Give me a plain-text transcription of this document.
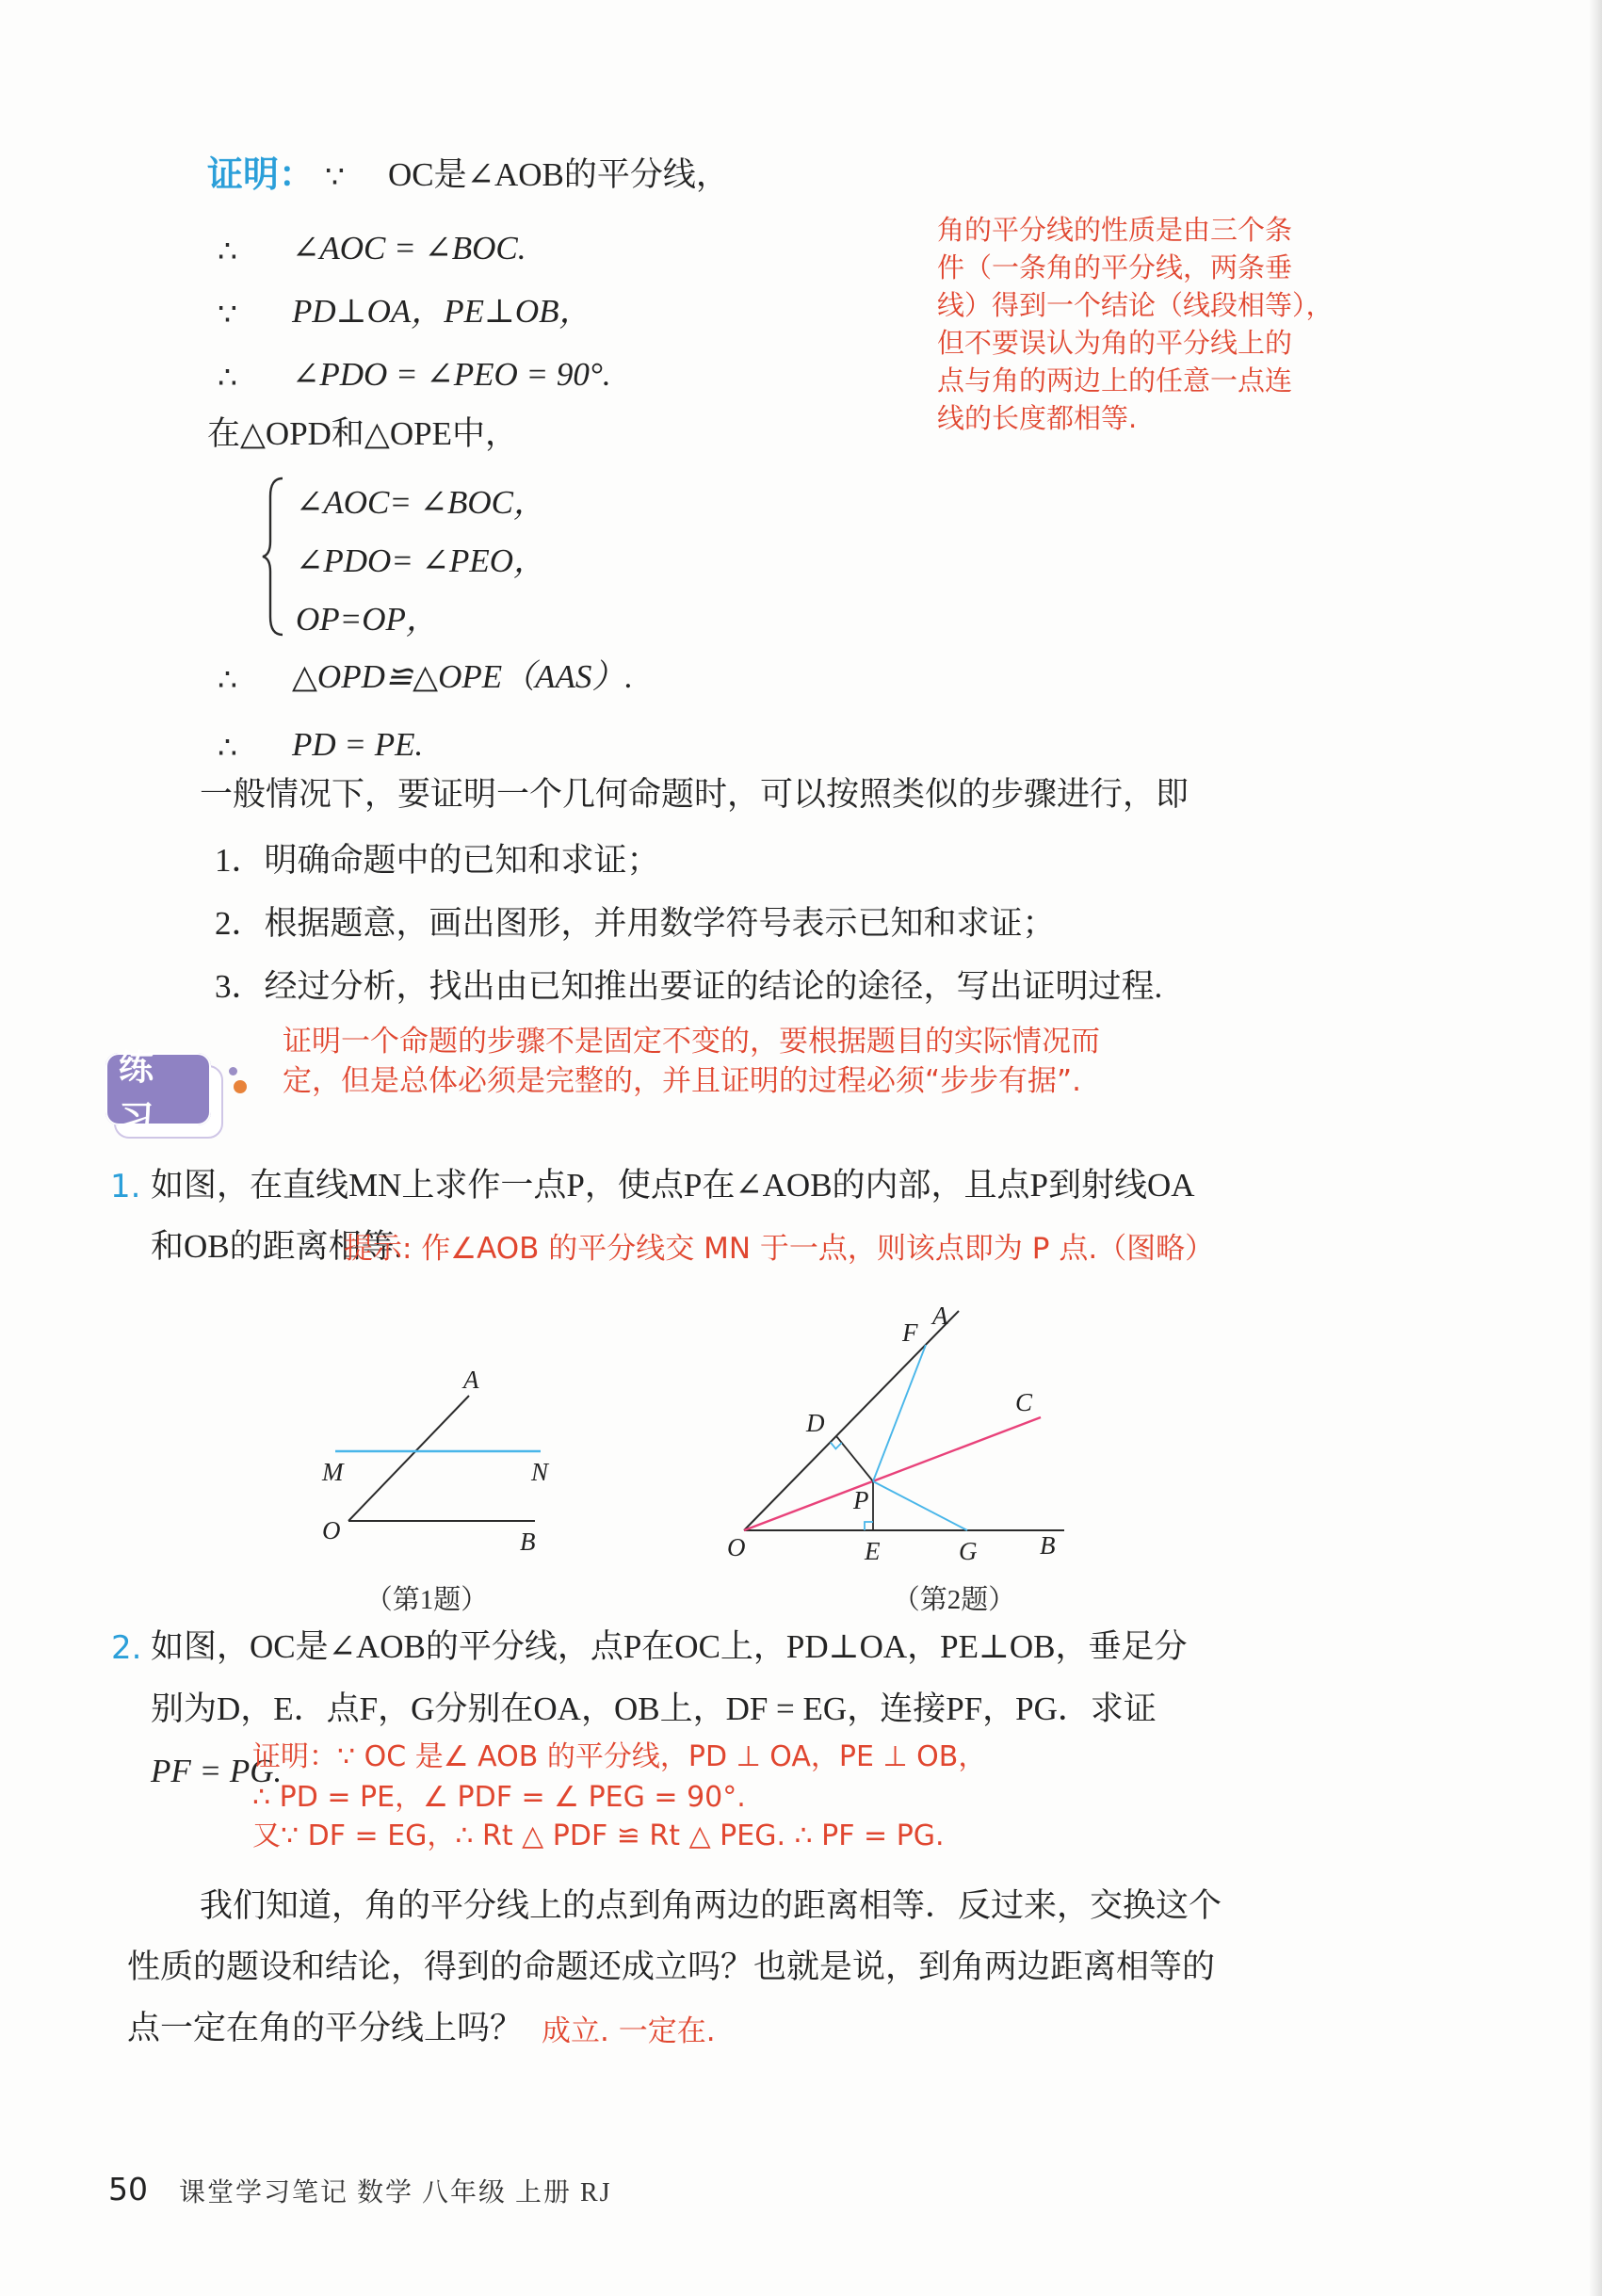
证明： ∵ OC是∠AOB的平分线，
∴ ∠AOC = ∠BOC.
∵ PD⊥OA，PE⊥OB，
∴ ∠PDO = ∠PEO = 90°.
在△OPD和△OPE中，
∠AOC= ∠BOC，
∠PDO= ∠PEO，
OP=OP，
∴ △OPD≌△OPE（AAS）.
∴ PD = PE.
角的平分线的性质是由三个条
件（一条角的平分线，两条垂
线）得到一个结论（线段相等），
但不要误认为角的平分线上的
点与角的两边上的任意一点连
线的长度都相等.
一般情况下，要证明一个几何命题时，可以按照类似的步骤进行，即
1．明确命题中的已知和求证；
2．根据题意，画出图形，并用数学符号表示已知和求证；
3．经过分析，找出由已知推出要证的结论的途径，写出证明过程.
练 习
证明一个命题的步骤不是固定不变的，要根据题目的实际情况而
定，但是总体必须是完整的，并且证明的过程必须“步步有据”.
1. 如图，在直线MN上求作一点P，使点P在∠AOB的内部，且点P到射线OA
和OB的距离相等.
提示: 作∠AOB 的平分线交 MN 于一点，则该点即为 P 点.（图略）
A
M	N
O	B
（第1题）
A
F
D
C
P
O	E	G B
（第2题）
2. 如图，OC是∠AOB的平分线，点P在OC上，PD⊥OA，PE⊥OB，垂足分
别为D，E．点F，G分别在OA，OB上，DF = EG，连接PF，PG．求证
PF = PG.
证明：∵ OC 是∠ AOB 的平分线，PD ⊥ OA，PE ⊥ OB，
∴ PD = PE，∠ PDF = ∠ PEG = 90°.
又∵ DF = EG，∴ Rt △ PDF ≌ Rt △ PEG. ∴ PF = PG.
我们知道，角的平分线上的点到角两边的距离相等．反过来，交换这个
性质的题设和结论，得到的命题还成立吗？也就是说，到角两边距离相等的
点一定在角的平分线上吗？ 成立. 一定在.
50 课堂学习笔记 数学 八年级 上册 RJ
